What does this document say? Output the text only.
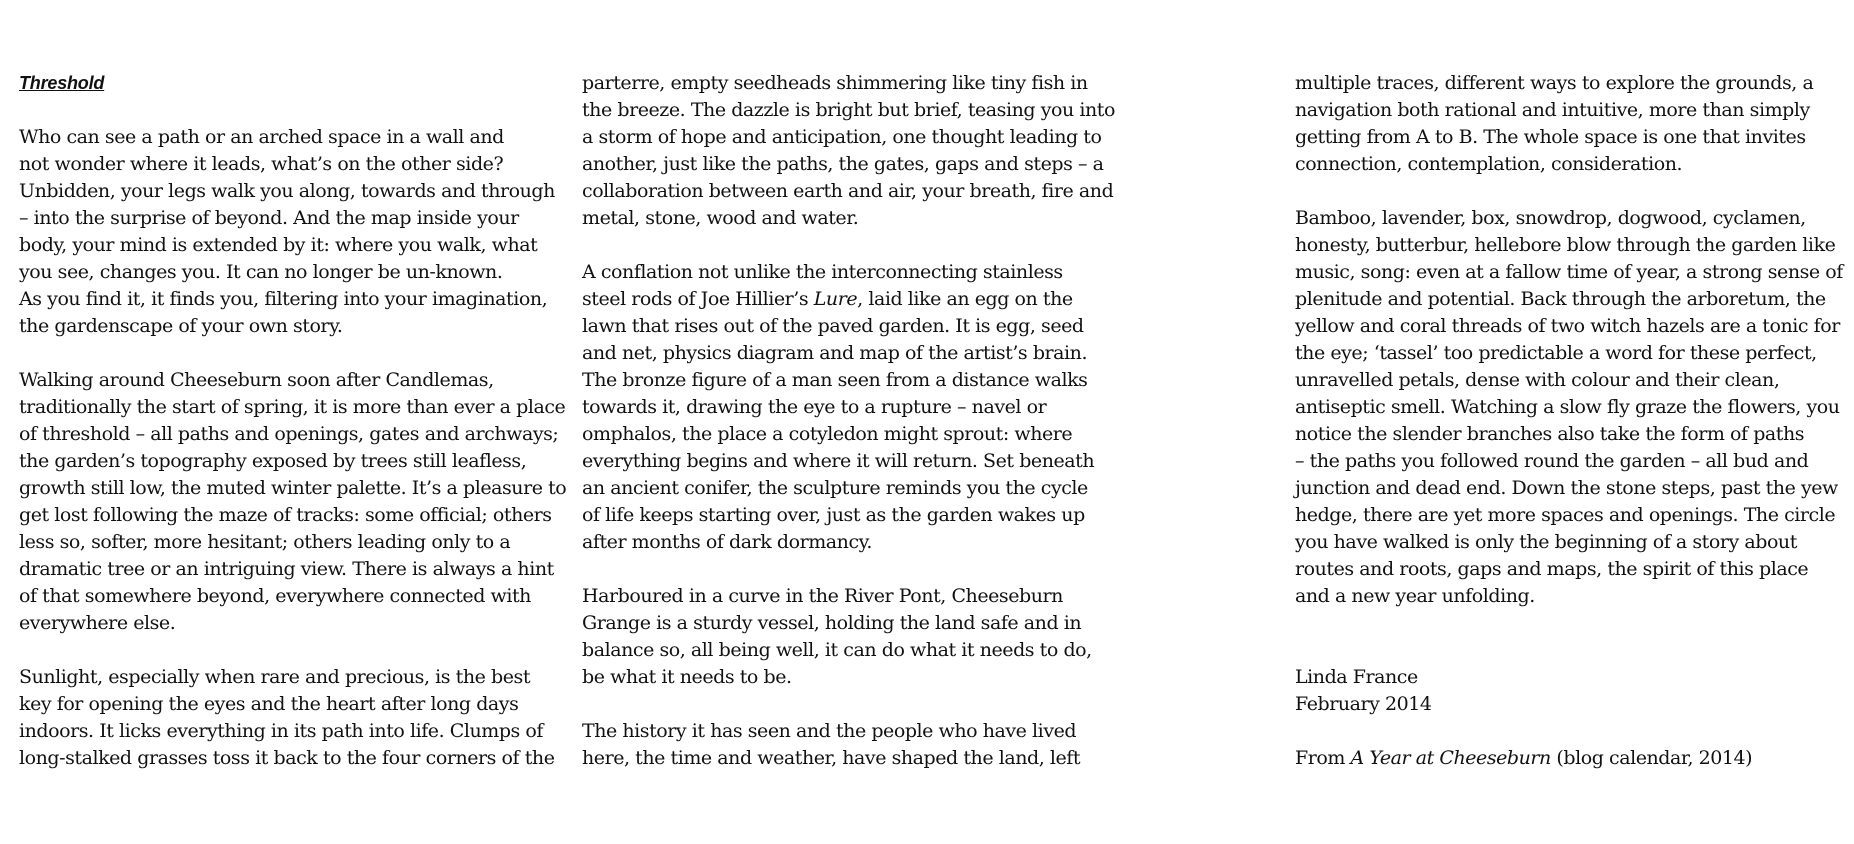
Threshold
Who can see a path or an arched space in a wall and
not wonder where it leads, what’s on the other side?
Unbidden, your legs walk you along, towards and through
– into the surprise of beyond. And the map inside your
body, your mind is extended by it: where you walk, what
you see, changes you. It can no longer be un-known.
As you find it, it finds you, filtering into your imagination,
the gardenscape of your own story.
Walking around Cheeseburn soon after Candlemas,
traditionally the start of spring, it is more than ever a place
of threshold – all paths and openings, gates and archways;
the garden’s topography exposed by trees still leafless,
growth still low, the muted winter palette. It’s a pleasure to
get lost following the maze of tracks: some official; others
less so, softer, more hesitant; others leading only to a
dramatic tree or an intriguing view. There is always a hint
of that somewhere beyond, everywhere connected with
everywhere else.
Sunlight, especially when rare and precious, is the best
key for opening the eyes and the heart after long days
indoors. It licks everything in its path into life. Clumps of
long-stalked grasses toss it back to the four corners of the
parterre, empty seedheads shimmering like tiny fish in
the breeze. The dazzle is bright but brief, teasing you into
a storm of hope and anticipation, one thought leading to
another, just like the paths, the gates, gaps and steps – a
collaboration between earth and air, your breath, fire and
metal, stone, wood and water.
A conflation not unlike the interconnecting stainless
steel rods of Joe Hillier’s Lure, laid like an egg on the
lawn that rises out of the paved garden. It is egg, seed
and net, physics diagram and map of the artist’s brain.
The bronze figure of a man seen from a distance walks
towards it, drawing the eye to a rupture – navel or
omphalos, the place a cotyledon might sprout: where
everything begins and where it will return. Set beneath
an ancient conifer, the sculpture reminds you the cycle
of life keeps starting over, just as the garden wakes up
after months of dark dormancy.
Harboured in a curve in the River Pont, Cheeseburn
Grange is a sturdy vessel, holding the land safe and in
balance so, all being well, it can do what it needs to do,
be what it needs to be.
The history it has seen and the people who have lived
here, the time and weather, have shaped the land, left
multiple traces, different ways to explore the grounds, a
navigation both rational and intuitive, more than simply
getting from A to B. The whole space is one that invites
connection, contemplation, consideration.
Bamboo, lavender, box, snowdrop, dogwood, cyclamen,
honesty, butterbur, hellebore blow through the garden like
music, song: even at a fallow time of year, a strong sense of
plenitude and potential. Back through the arboretum, the
yellow and coral threads of two witch hazels are a tonic for
the eye; ‘tassel’ too predictable a word for these perfect,
unravelled petals, dense with colour and their clean,
antiseptic smell. Watching a slow fly graze the flowers, you
notice the slender branches also take the form of paths
– the paths you followed round the garden – all bud and
junction and dead end. Down the stone steps, past the yew
hedge, there are yet more spaces and openings. The circle
you have walked is only the beginning of a story about
routes and roots, gaps and maps, the spirit of this place
and a new year unfolding.
Linda France
February 2014
From A Year at Cheeseburn (blog calendar, 2014)
